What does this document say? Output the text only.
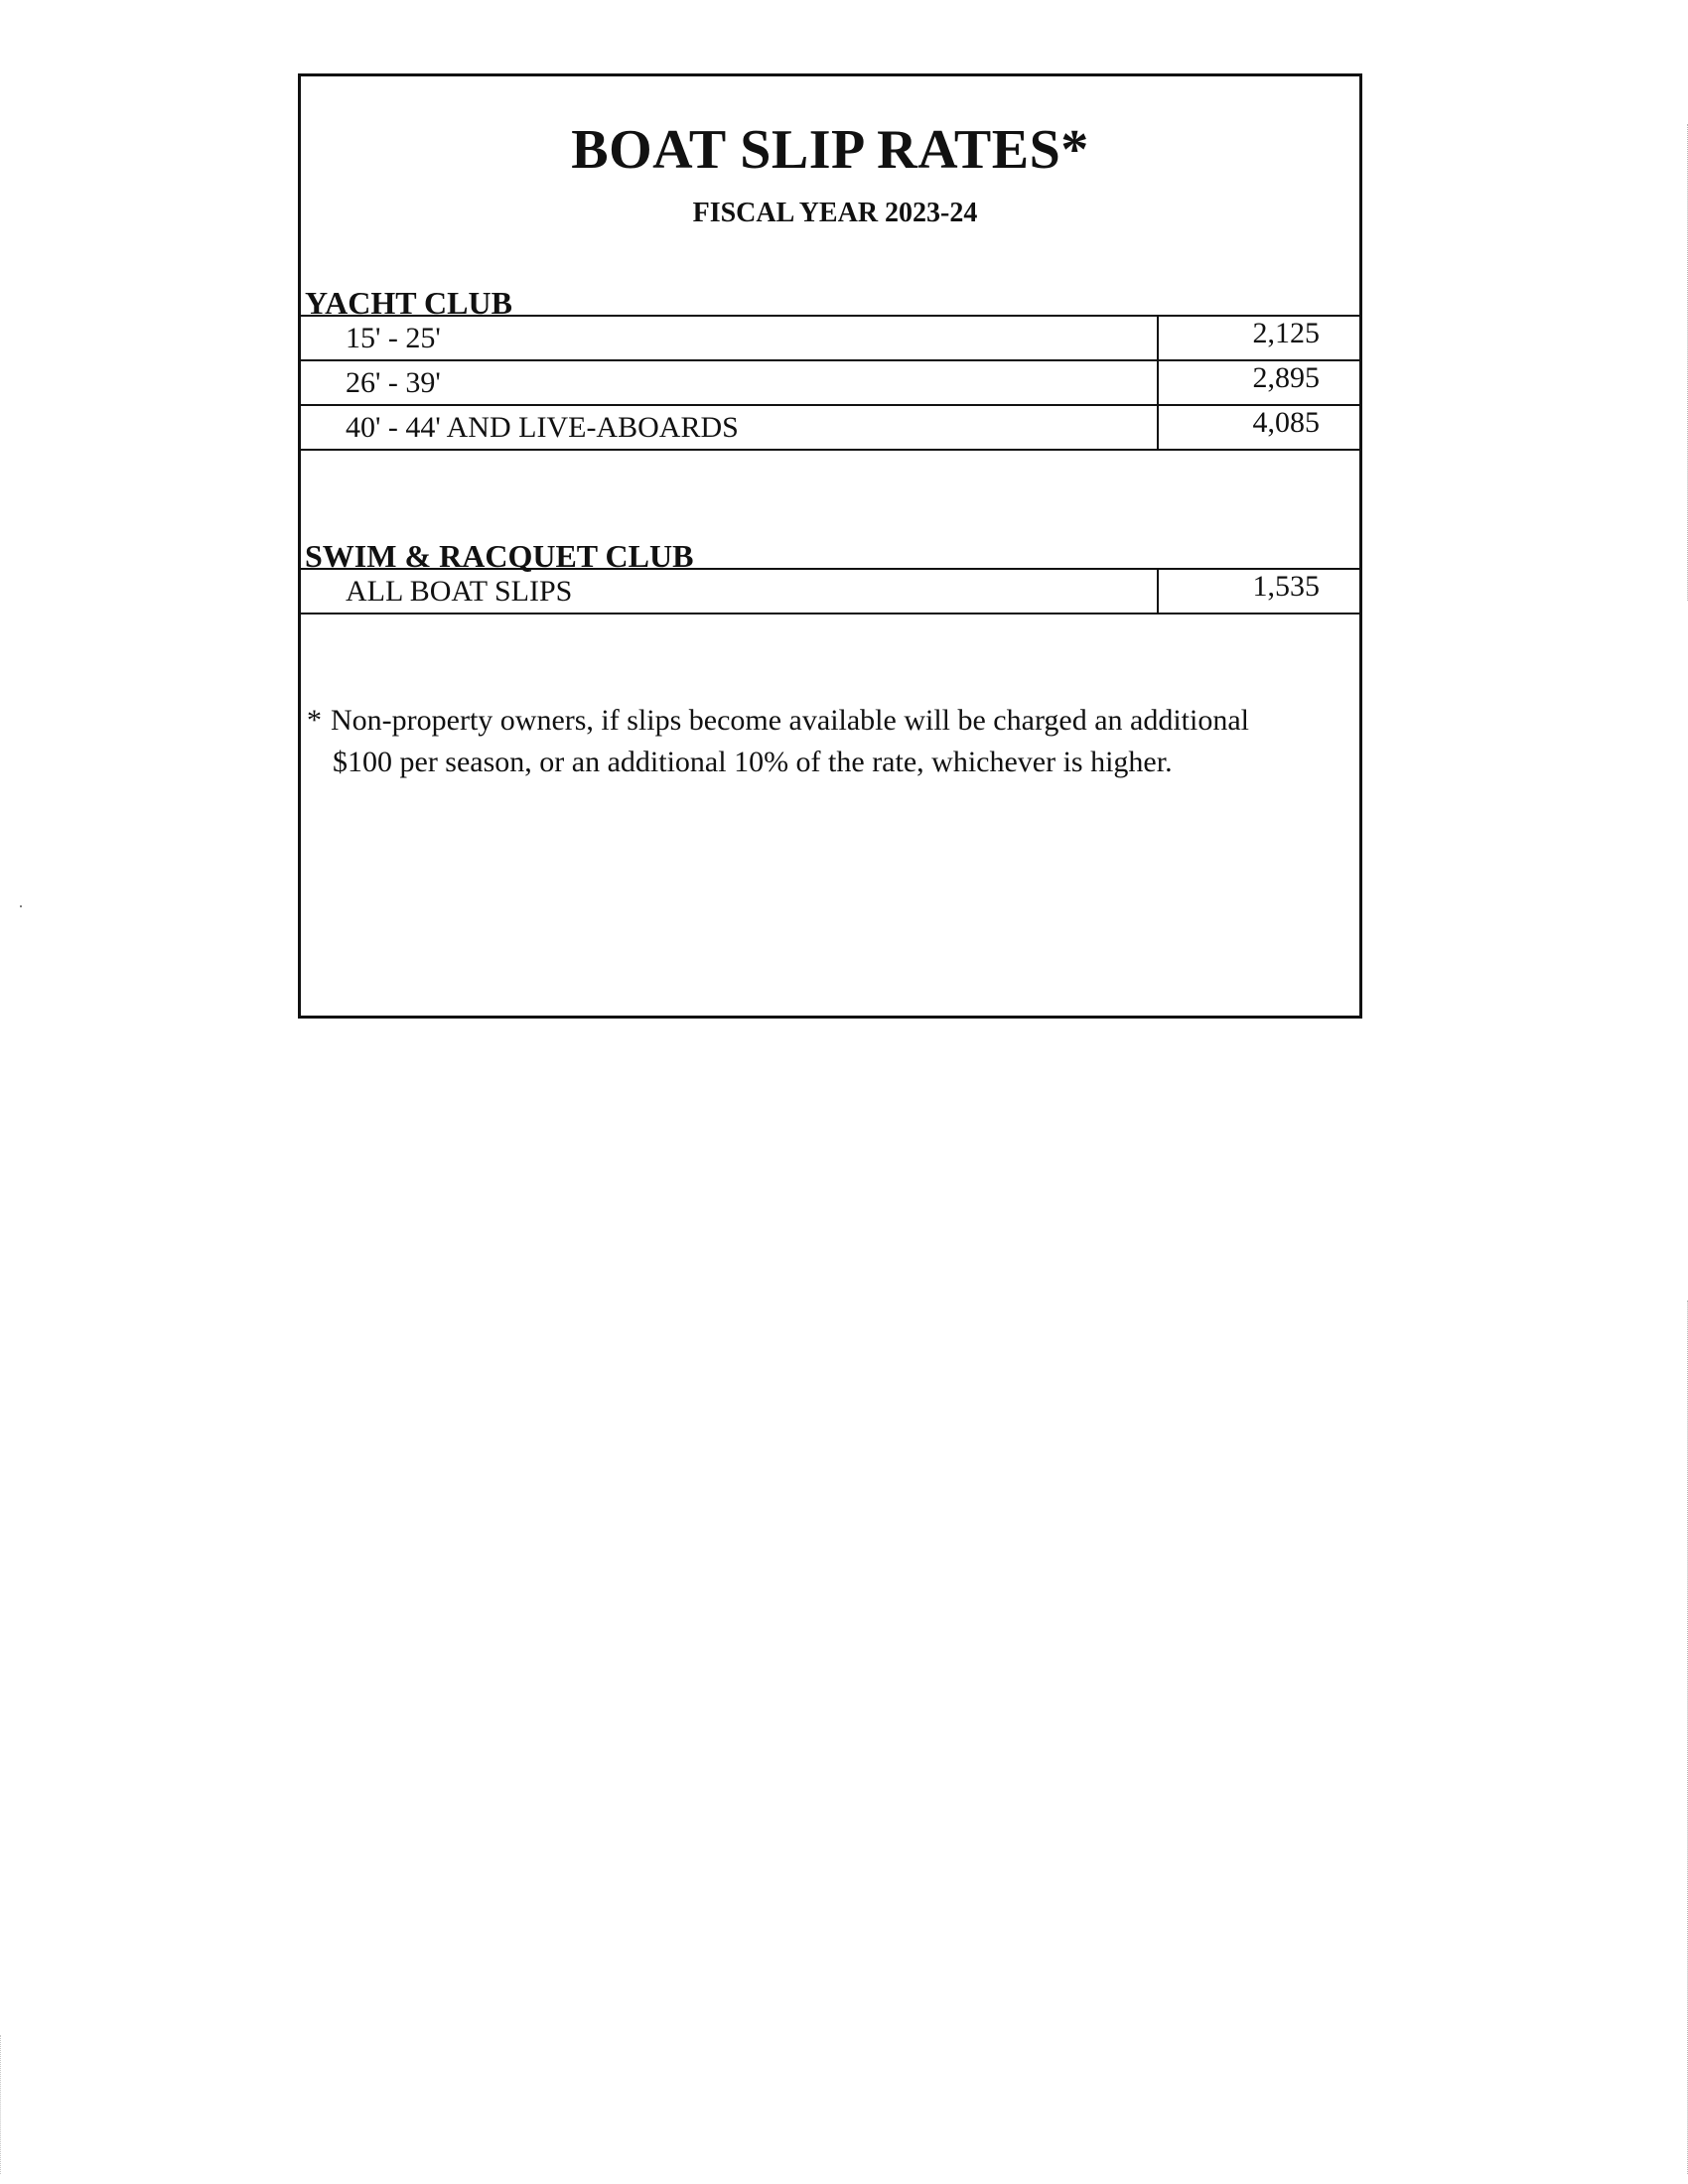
BOAT SLIP RATES*
FISCAL YEAR 2023-24
YACHT CLUB
15' - 25'	2,125
26' - 39'	2,895
40' - 44' AND LIVE-ABOARDS	4,085
SWIM & RACQUET CLUB
ALL BOAT SLIPS	1,535
* Non-property owners, if slips become available will be charged an additional
$100 per season, or an additional 10% of the rate, whichever is higher.
